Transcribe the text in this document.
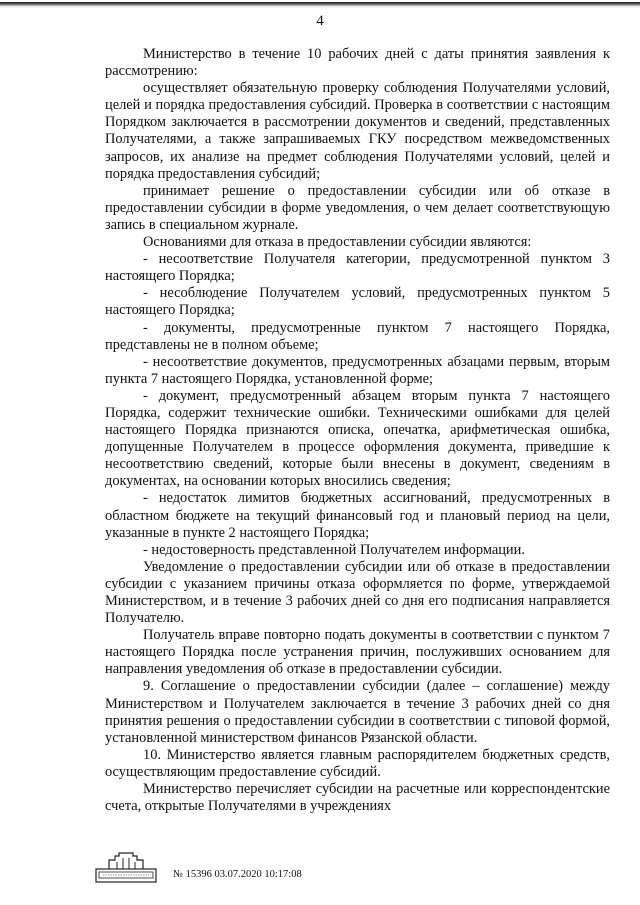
4

Министерство в течение 10 рабочих дней с даты принятия заявления к рассмотрению:

осуществляет обязательную проверку соблюдения Получателями условий, целей и порядка предоставления субсидий. Проверка в соответствии с настоящим Порядком заключается в рассмотрении документов и сведений, представленных Получателями, а также запрашиваемых ГКУ посредством межведомственных запросов, их анализе на предмет соблюдения Получателями условий, целей и порядка предоставления субсидий;

принимает решение о предоставлении субсидии или об отказе в предоставлении субсидии в форме уведомления, о чем делает соответствующую запись в специальном журнале.

Основаниями для отказа в предоставлении субсидии являются:

- несоответствие Получателя категории, предусмотренной пунктом 3 настоящего Порядка;

- несоблюдение Получателем условий, предусмотренных пунктом 5 настоящего Порядка;

- документы, предусмотренные пунктом 7 настоящего Порядка, представлены не в полном объеме;

- несоответствие документов, предусмотренных абзацами первым, вторым пункта 7 настоящего Порядка, установленной форме;

- документ, предусмотренный абзацем вторым пункта 7 настоящего Порядка, содержит технические ошибки. Техническими ошибками для целей настоящего Порядка признаются описка, опечатка, арифметическая ошибка, допущенные Получателем в процессе оформления документа, приведшие к несоответствию сведений, которые были внесены в документ, сведениям в документах, на основании которых вносились сведения;

- недостаток лимитов бюджетных ассигнований, предусмотренных в областном бюджете на текущий финансовый год и плановый период на цели, указанные в пункте 2 настоящего Порядка;

- недостоверность представленной Получателем информации.

Уведомление о предоставлении субсидии или об отказе в предоставлении субсидии с указанием причины отказа оформляется по форме, утверждаемой Министерством, и в течение 3 рабочих дней со дня его подписания направляется Получателю.

Получатель вправе повторно подать документы в соответствии с пунктом 7 настоящего Порядка после устранения причин, послуживших основанием для направления уведомления об отказе в предоставлении субсидии.

9. Соглашение о предоставлении субсидии (далее – соглашение) между Министерством и Получателем заключается в течение 3 рабочих дней со дня принятия решения о предоставлении субсидии в соответствии с типовой формой, установленной министерством финансов Рязанской области.

10. Министерство является главным распорядителем бюджетных средств, осуществляющим предоставление субсидий.

Министерство перечисляет субсидии на расчетные или корреспондентские счета, открытые Получателями в учреждениях

№ 15396 03.07.2020 10:17:08
